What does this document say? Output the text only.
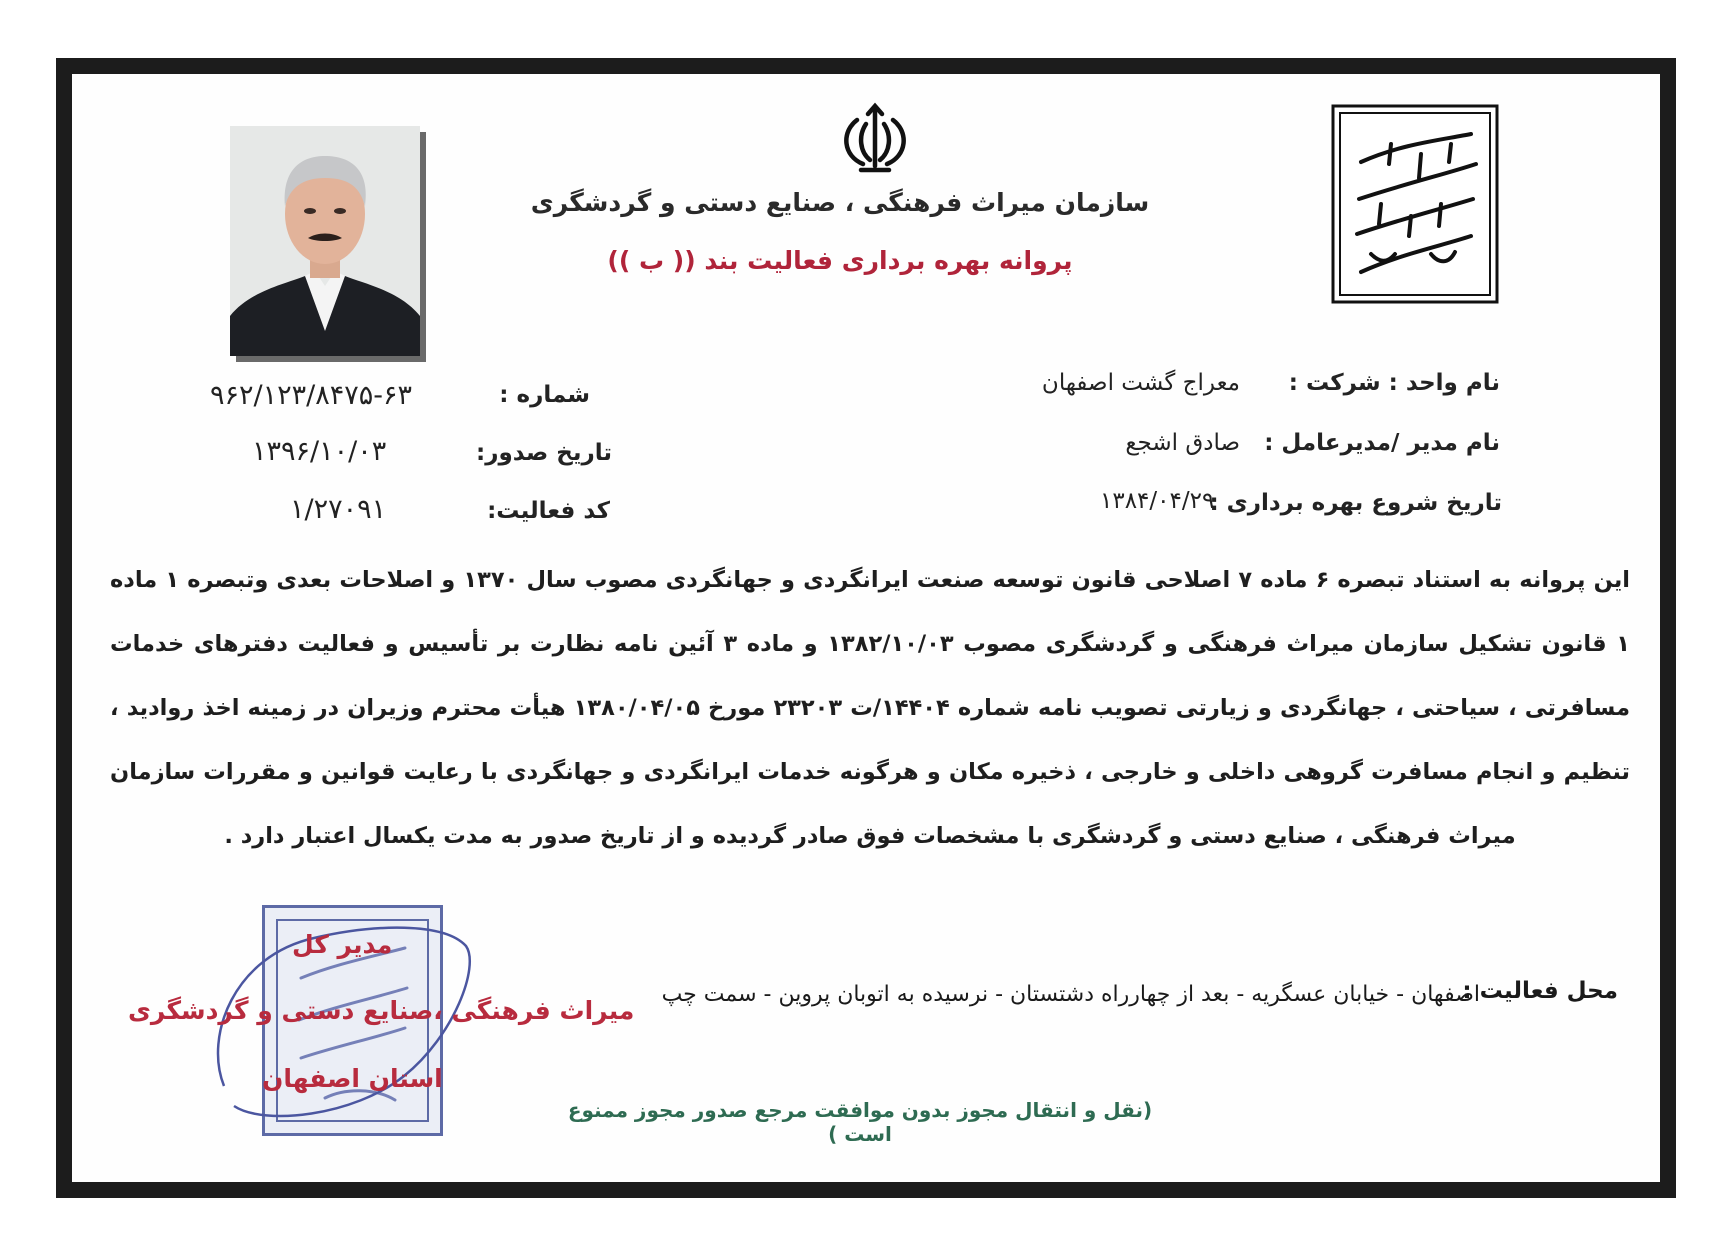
سازمان میراث فرهنگی ، صنایع دستی و گردشگری
پروانه بهره برداری فعالیت بند (( ب ))
نام واحد : شرکت :
معراج گشت اصفهان
نام مدیر /مدیرعامل :
صادق اشجع
تاریخ شروع بهره برداری :
۱۳۸۴/۰۴/۲۹
شماره :
۹۶۲/۱۲۳/۸۴۷۵-۶۳
تاریخ صدور:
۱۳۹۶/۱۰/۰۳
کد فعالیت:
۱/۲۷۰۹۱
این پروانه به استناد تبصره ۶ ماده ۷ اصلاحی قانون توسعه صنعت ایرانگردی و جهانگردی مصوب سال ۱۳۷۰ و اصلاحات بعدی وتبصره ۱ ماده ۱ قانون تشکیل سازمان میراث فرهنگی و گردشگری مصوب ۱۳۸۲/۱۰/۰۳ و ماده ۳ آئین نامه نظارت بر تأسیس و فعالیت دفترهای خدمات مسافرتی ، سیاحتی ، جهانگردی و زیارتی تصویب نامه شماره ۱۴۴۰۴/ت ۲۳۲۰۳ مورخ ۱۳۸۰/۰۴/۰۵ هیأت محترم وزیران در زمینه اخذ روادید ، تنظیم و انجام مسافرت گروهی داخلی و خارجی ، ذخیره مکان و هرگونه خدمات ایرانگردی و جهانگردی با رعایت قوانین و مقررات سازمان میراث فرهنگی ، صنایع دستی و گردشگری با مشخصات فوق صادر گردیده و از تاریخ صدور به مدت یکسال اعتبار دارد .
محل فعالیت :
اصفهان - خیابان عسگریه - بعد از چهارراه دشتستان - نرسیده به اتوبان پروین - سمت چپ
مدیر کل
میراث فرهنگی ،صنایع دستی و گردشگری
استان اصفهان
(نقل و انتقال مجوز بدون موافقت مرجع صدور مجوز ممنوع است )
